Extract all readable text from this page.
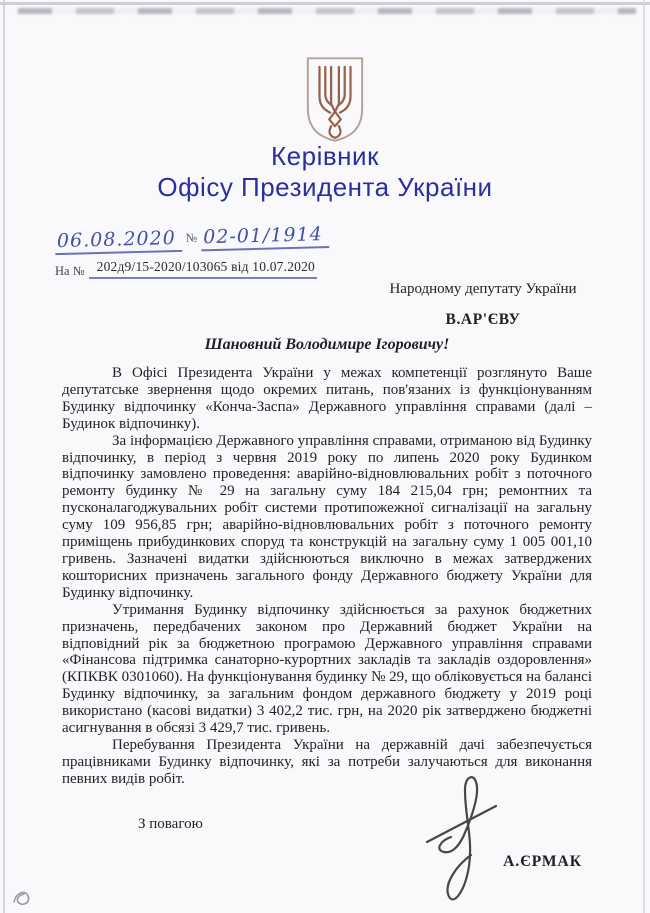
Керівник
Офісу Президента України
06.08.2020 № 02-01/1914
На № 202д9/15-2020/103065 від 10.07.2020
Народному депутату України
В.АР'ЄВУ
Шановний Володимире Ігоровичу!

В Офісі Президента України у межах компетенції розглянуто Ваше депутатське звернення щодо окремих питань, пов'язаних із функціонуванням Будинку відпочинку «Конча-Заспа» Державного управління справами (далі – Будинок відпочинку).

За інформацією Державного управління справами, отриманою від Будинку відпочинку, в період з червня 2019 року по липень 2020 року Будинком відпочинку замовлено проведення: аварійно-відновлювальних робіт з поточного ремонту будинку № 29 на загальну суму 184 215,04 грн; ремонтних та пусконалагоджувальних робіт системи протипожежної сигналізації на загальну суму 109 956,85 грн; аварійно-відновлювальних робіт з поточного ремонту приміщень прибудинкових споруд та конструкцій на загальну суму 1 005 001,10 гривень. Зазначені видатки здійснюються виключно в межах затверджених кошторисних призначень загального фонду Державного бюджету України для Будинку відпочинку.

Утримання Будинку відпочинку здійснюється за рахунок бюджетних призначень, передбачених законом про Державний бюджет України на відповідний рік за бюджетною програмою Державного управління справами «Фінансова підтримка санаторно-курортних закладів та закладів оздоровлення» (КПКВК 0301060). На функціонування будинку № 29, що обліковується на балансі Будинку відпочинку, за загальним фондом державного бюджету у 2019 році використано (касові видатки) 3 402,2 тис. грн, на 2020 рік затверджено бюджетні асигнування в обсязі 3 429,7 тис. гривень.

Перебування Президента України на державній дачі забезпечується працівниками Будинку відпочинку, які за потреби залучаються для виконання певних видів робіт.

З повагою
А.ЄРМАК
